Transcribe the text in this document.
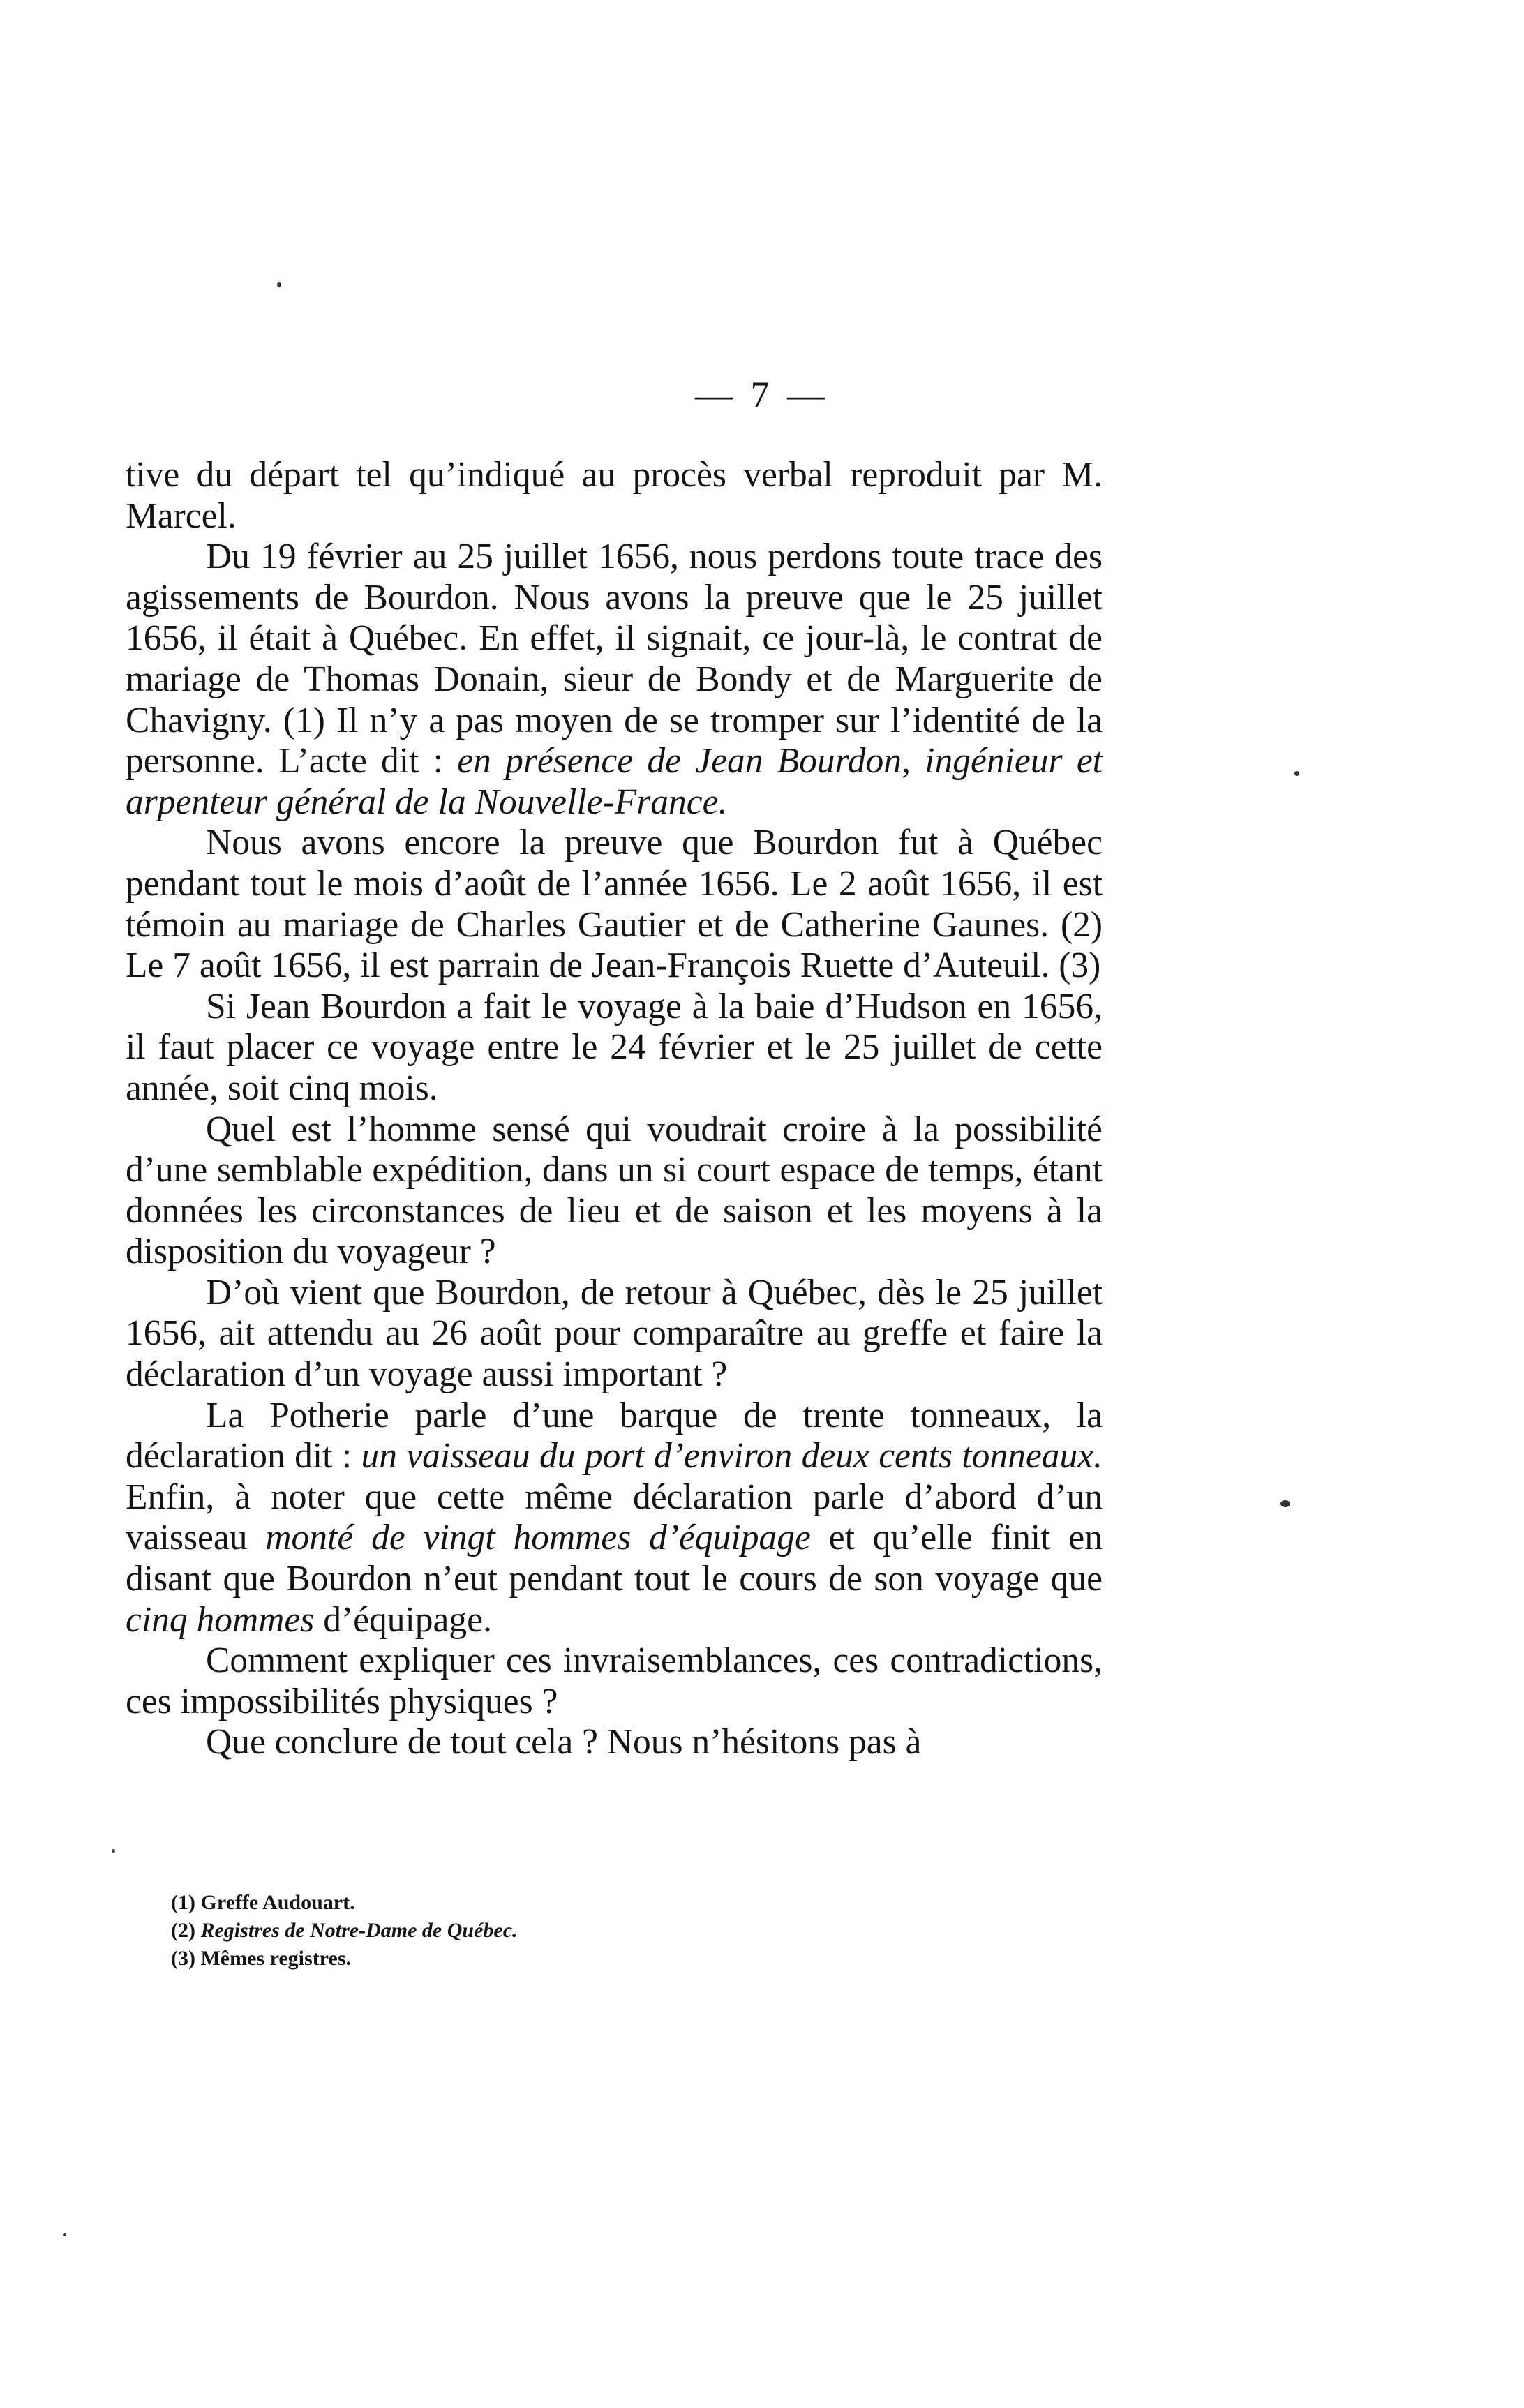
— 7 —

tive du départ tel qu’indiqué au procès verbal reproduit par M. Marcel.

Du 19 février au 25 juillet 1656, nous perdons toute trace des agissements de Bourdon. Nous avons la preuve que le 25 juillet 1656, il était à Québec. En effet, il signait, ce jour-là, le contrat de mariage de Thomas Donain, sieur de Bondy et de Marguerite de Chavigny. (1) Il n’y a pas moyen de se tromper sur l’identité de la personne. L’acte dit : en présence de Jean Bourdon, ingénieur et arpenteur général de la Nouvelle-France.

Nous avons encore la preuve que Bourdon fut à Québec pendant tout le mois d’août de l’année 1656. Le 2 août 1656, il est témoin au mariage de Charles Gautier et de Catherine Gaunes. (2) Le 7 août 1656, il est parrain de Jean-François Ruette d’Auteuil. (3)

Si Jean Bourdon a fait le voyage à la baie d’Hudson en 1656, il faut placer ce voyage entre le 24 février et le 25 juillet de cette année, soit cinq mois.

Quel est l’homme sensé qui voudrait croire à la possibilité d’une semblable expédition, dans un si court espace de temps, étant données les circonstances de lieu et de saison et les moyens à la disposition du voyageur ?

D’où vient que Bourdon, de retour à Québec, dès le 25 juillet 1656, ait attendu au 26 août pour comparaître au greffe et faire la déclaration d’un voyage aussi important ?

La Potherie parle d’une barque de trente tonneaux, la déclaration dit : un vaisseau du port d’environ deux cents tonneaux. Enfin, à noter que cette même déclaration parle d’abord d’un vaisseau monté de vingt hommes d’équipage et qu’elle finit en disant que Bourdon n’eut pendant tout le cours de son voyage que cinq hommes d’équipage.

Comment expliquer ces invraisemblances, ces contradictions, ces impossibilités physiques ?

Que conclure de tout cela ? Nous n’hésitons pas à

(1) Greffe Audouart.
(2) Registres de Notre-Dame de Québec.
(3) Mêmes registres.
